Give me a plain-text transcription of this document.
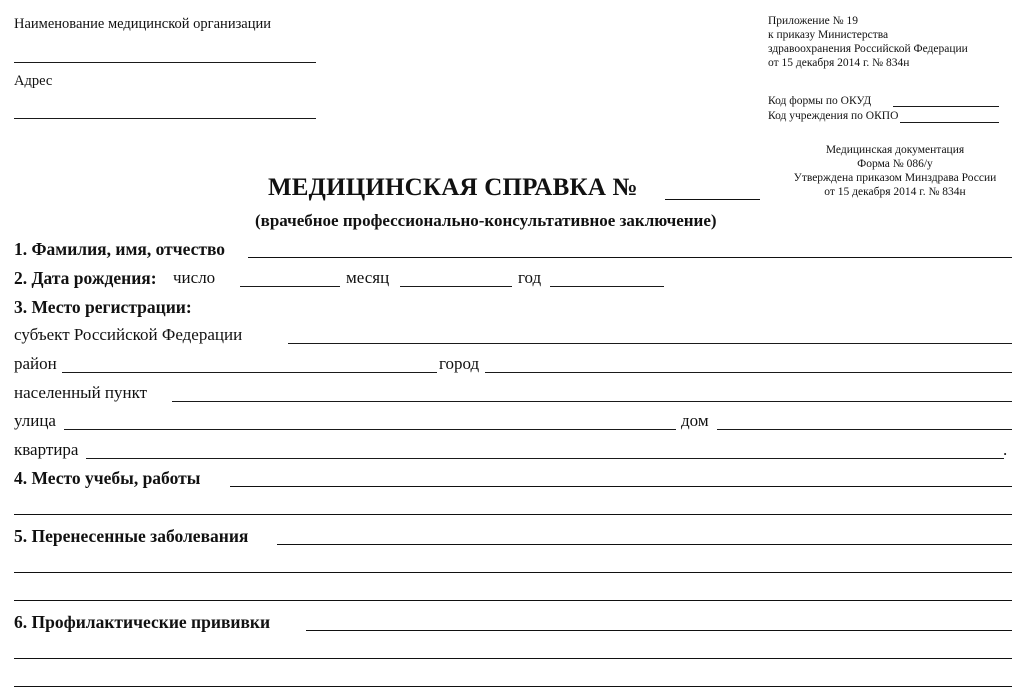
Наименование медицинской организации
Адрес
Приложение № 19
к приказу Министерства
здравоохранения Российской Федерации
от 15 декабря 2014 г. № 834н
Код формы по ОКУД
Код учреждения по ОКПО
Медицинская документация
Форма № 086/у
Утверждена приказом Минздрава России
от 15 декабря 2014 г. № 834н
МЕДИЦИНСКАЯ СПРАВКА №
(врачебное профессионально-консультативное заключение)
1. Фамилия, имя, отчество
2. Дата рождения: число	месяц	год
3. Место регистрации:
субъект Российской Федерации
район	город
населенный пункт
улица	дом
квартира	.
4. Место учебы, работы
5. Перенесенные заболевания
6. Профилактические прививки
